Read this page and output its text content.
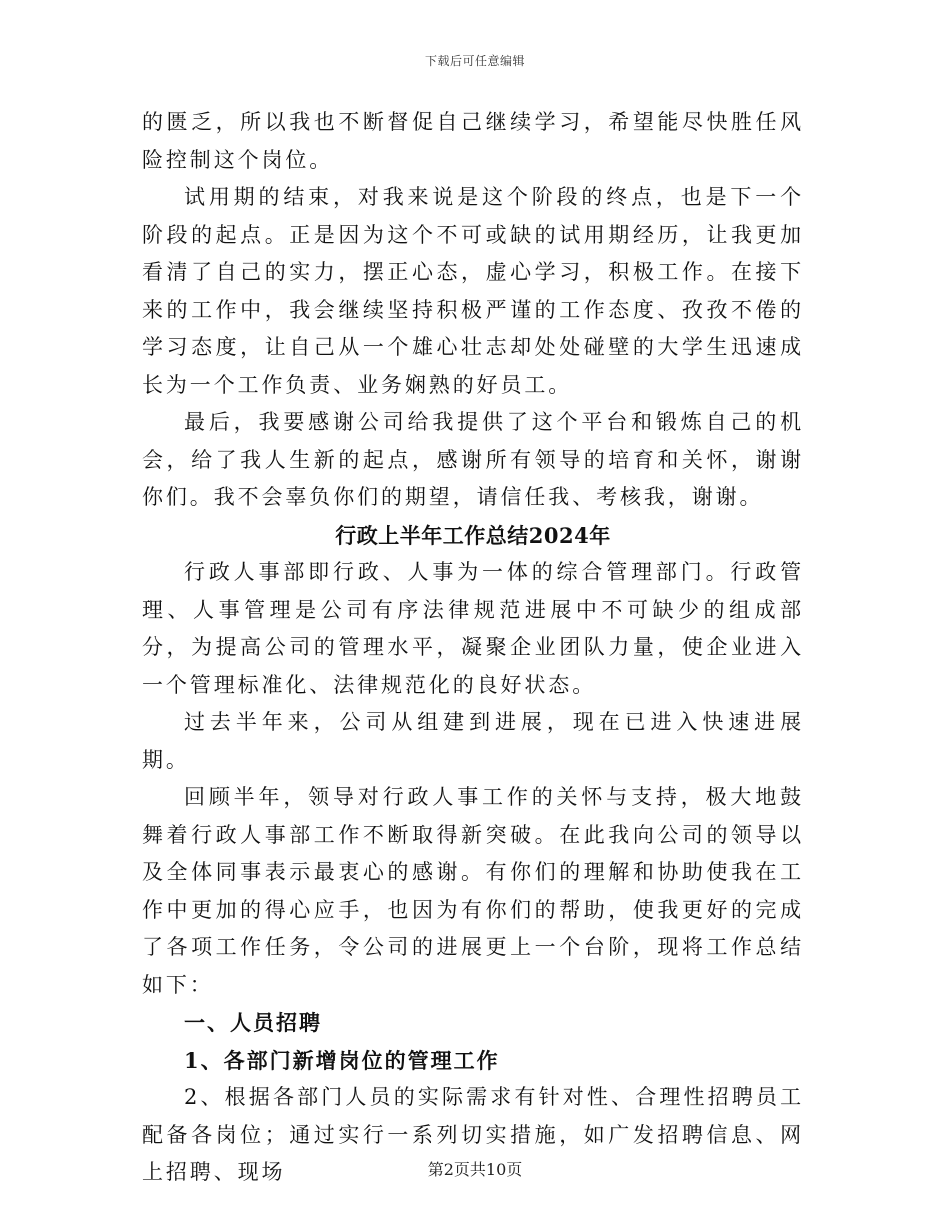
下载后可任意编辑

的匮乏，所以我也不断督促自己继续学习，希望能尽快胜任风险控制这个岗位。

试用期的结束，对我来说是这个阶段的终点，也是下一个阶段的起点。正是因为这个不可或缺的试用期经历，让我更加看清了自己的实力，摆正心态，虚心学习，积极工作。在接下来的工作中，我会继续坚持积极严谨的工作态度、孜孜不倦的学习态度，让自己从一个雄心壮志却处处碰壁的大学生迅速成长为一个工作负责、业务娴熟的好员工。

最后，我要感谢公司给我提供了这个平台和锻炼自己的机会，给了我人生新的起点，感谢所有领导的培育和关怀，谢谢你们。我不会辜负你们的期望，请信任我、考核我，谢谢。

行政上半年工作总结2024年

行政人事部即行政、人事为一体的综合管理部门。行政管理、人事管理是公司有序法律规范进展中不可缺少的组成部分，为提高公司的管理水平，凝聚企业团队力量，使企业进入一个管理标准化、法律规范化的良好状态。

过去半年来，公司从组建到进展，现在已进入快速进展期。

回顾半年，领导对行政人事工作的关怀与支持，极大地鼓舞着行政人事部工作不断取得新突破。在此我向公司的领导以及全体同事表示最衷心的感谢。有你们的理解和协助使我在工作中更加的得心应手，也因为有你们的帮助，使我更好的完成了各项工作任务，令公司的进展更上一个台阶，现将工作总结如下：

一、人员招聘

1、各部门新增岗位的管理工作

2、根据各部门人员的实际需求有针对性、合理性招聘员工配备各岗位；通过实行一系列切实措施，如广发招聘信息、网上招聘、现场	第2页共10页
